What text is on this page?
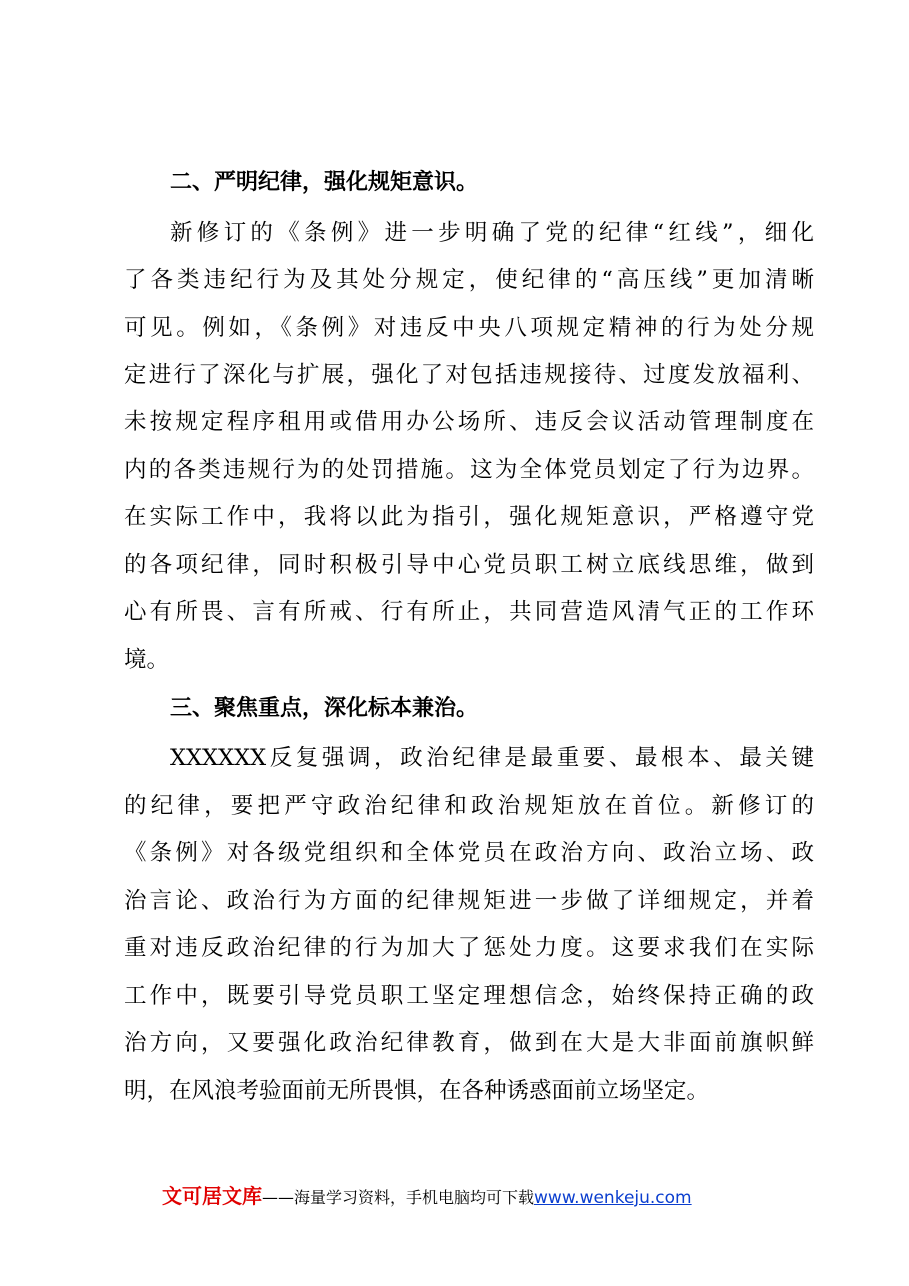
二、严明纪律，强化规矩意识。

新修订的《条例》进一步明确了党的纪律“红线”，细化

了各类违纪行为及其处分规定，使纪律的“高压线”更加清晰

可见。例如，《条例》对违反中央八项规定精神的行为处分规

定进行了深化与扩展，强化了对包括违规接待、过度发放福利、

未按规定程序租用或借用办公场所、违反会议活动管理制度在

内的各类违规行为的处罚措施。这为全体党员划定了行为边界。

在实际工作中，我将以此为指引，强化规矩意识，严格遵守党

的各项纪律，同时积极引导中心党员职工树立底线思维，做到

心有所畏、言有所戒、行有所止，共同营造风清气正的工作环

境。

三、聚焦重点，深化标本兼治。

XXXXXX反复强调，政治纪律是最重要、最根本、最关键

的纪律，要把严守政治纪律和政治规矩放在首位。新修订的

《条例》对各级党组织和全体党员在政治方向、政治立场、政

治言论、政治行为方面的纪律规矩进一步做了详细规定，并着

重对违反政治纪律的行为加大了惩处力度。这要求我们在实际

工作中，既要引导党员职工坚定理想信念，始终保持正确的政

治方向，又要强化政治纪律教育，做到在大是大非面前旗帜鲜

明，在风浪考验面前无所畏惧，在各种诱惑面前立场坚定。

文可居文库——海量学习资料，手机电脑均可下载www.wenkeju.com
